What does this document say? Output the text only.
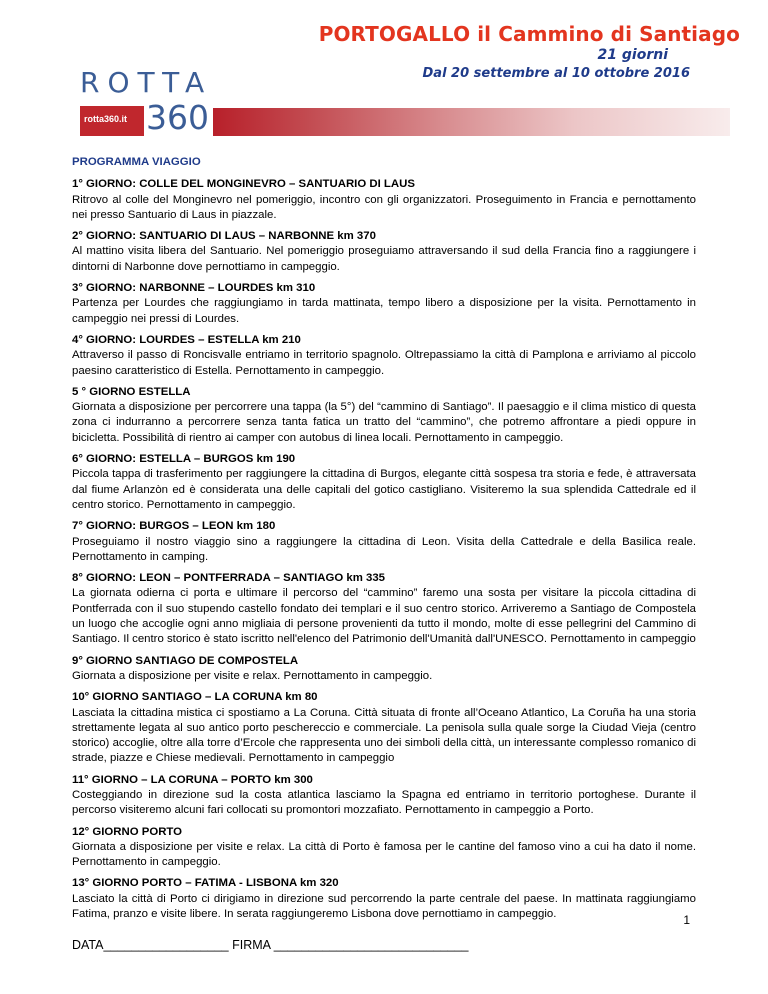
PORTOGALLO il Cammino di Santiago
21 giorni
Dal 20 settembre al 10 ottobre 2016
ROTTA
rotta360.it 360

PROGRAMMA VIAGGIO

1° GIORNO: COLLE DEL MONGINEVRO – SANTUARIO DI LAUS

Ritrovo al colle del Monginevro nel pomeriggio, incontro con gli organizzatori. Proseguimento in Francia e pernottamento nei presso Santuario di Laus in piazzale.

2° GIORNO: SANTUARIO DI LAUS – NARBONNE km 370

Al mattino visita libera del Santuario. Nel pomeriggio proseguiamo attraversando il sud della Francia fino a raggiungere i dintorni di Narbonne dove pernottiamo in campeggio.

3° GIORNO: NARBONNE – LOURDES km 310

Partenza per Lourdes che raggiungiamo in tarda mattinata, tempo libero a disposizione per la visita. Pernottamento in campeggio nei pressi di Lourdes.

4° GIORNO: LOURDES – ESTELLA km 210

Attraverso il passo di Roncisvalle entriamo in territorio spagnolo. Oltrepassiamo la città di Pamplona e arriviamo al piccolo paesino caratteristico di Estella. Pernottamento in campeggio.

5 ° GIORNO ESTELLA

Giornata a disposizione per percorrere una tappa (la 5°) del “cammino di Santiago”. Il paesaggio e il clima mistico di questa zona ci indurranno a percorrere senza tanta fatica un tratto del “cammino”, che potremo affrontare a piedi oppure in bicicletta. Possibilità di rientro ai camper con autobus di linea locali. Pernottamento in campeggio.

6° GIORNO: ESTELLA – BURGOS km 190

Piccola tappa di trasferimento per raggiungere la cittadina di Burgos, elegante città sospesa tra storia e fede, è attraversata dal fiume Arlanzòn ed è considerata una delle capitali del gotico castigliano. Visiteremo la sua splendida Cattedrale ed il centro storico. Pernottamento in campeggio.

7° GIORNO: BURGOS – LEON km 180

Proseguiamo il nostro viaggio sino a raggiungere la cittadina di Leon. Visita della Cattedrale e della Basilica reale. Pernottamento in camping.

8° GIORNO: LEON – PONTFERRADA – SANTIAGO km 335

La giornata odierna ci porta e ultimare il percorso del “cammino” faremo una sosta per visitare la piccola cittadina di Pontferrada con il suo stupendo castello fondato dei templari e il suo centro storico. Arriveremo a Santiago de Compostela un luogo che accoglie ogni anno migliaia di persone provenienti da tutto il mondo, molte di esse pellegrini del Cammino di Santiago. Il centro storico è stato iscritto nell'elenco del Patrimonio dell'Umanità dall'UNESCO. Pernottamento in campeggio

9° GIORNO SANTIAGO DE COMPOSTELA

Giornata a disposizione per visite e relax. Pernottamento in campeggio.

10° GIORNO SANTIAGO – LA CORUNA km 80

Lasciata la cittadina mistica ci spostiamo a La Coruna. Città situata di fronte all’Oceano Atlantico, La Coruña ha una storia strettamente legata al suo antico porto peschereccio e commerciale. La penisola sulla quale sorge la Ciudad Vieja (centro storico) accoglie, oltre alla torre d’Ercole che rappresenta uno dei simboli della città, un interessante complesso romanico di strade, piazze e Chiese medievali. Pernottamento in campeggio

11° GIORNO – LA CORUNA – PORTO km 300

Costeggiando in direzione sud la costa atlantica lasciamo la Spagna ed entriamo in territorio portoghese. Durante il percorso visiteremo alcuni fari collocati su promontori mozzafiato. Pernottamento in campeggio a Porto.

12° GIORNO PORTO

Giornata a disposizione per visite e relax. La città di Porto è famosa per le cantine del famoso vino a cui ha dato il nome. Pernottamento in campeggio.

13° GIORNO PORTO – FATIMA - LISBONA km 320

Lasciato la città di Porto ci dirigiamo in direzione sud percorrendo la parte centrale del paese. In mattinata raggiungiamo Fatima, pranzo e visite libere. In serata raggiungeremo Lisbona dove pernottiamo in campeggio.	1
DATA__________________ FIRMA ____________________________
